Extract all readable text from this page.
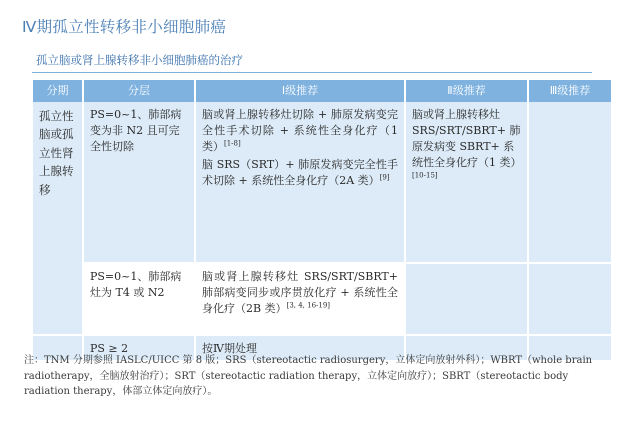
Ⅳ期孤立性转移非小细胞肺癌
孤立脑或肾上腺转移非小细胞肺癌的治疗
分期	分层	Ⅰ级推荐	Ⅱ级推荐	Ⅲ级推荐
孤立性脑或孤立性肾上腺转移	PS=0~1、肺部病变为非 N2 且可完全性切除	脑或肾上腺转移灶切除 + 肺原发病变完全性手术切除 + 系统性全身化疗（1 类）[1-8]
脑 SRS（SRT）+ 肺原发病变完全性手术切除 + 系统性全身化疗（2A 类）[9]	脑或肾上腺转移灶 SRS/SRT/SBRT+ 肺原发病变 SBRT+ 系统性全身化疗（1 类）[10-15]	
	PS=0~1、肺部病灶为 T4 或 N2	脑或肾上腺转移灶 SRS/SRT/SBRT+ 肺部病变同步或序贯放化疗 + 系统性全身化疗（2B 类）[3, 4, 16-19]

	PS ≥ 2	按Ⅳ期处理		

注：TNM 分期参照 IASLC/UICC 第 8 版；SRS（stereotactic radiosurgery，立体定向放射外科）；WBRT（whole brain radiotherapy，全脑放射治疗）；SRT（stereotactic radiation therapy，立体定向放疗）；SBRT（stereotactic body radiation therapy，体部立体定向放疗）。
